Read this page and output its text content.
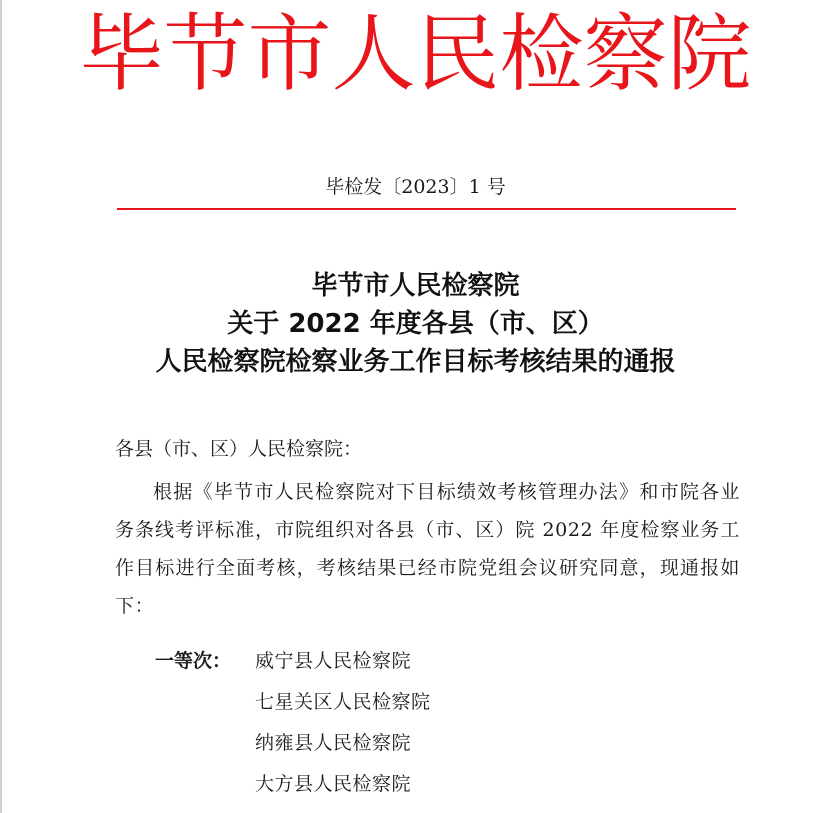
毕节市人民检察院
毕检发〔2023〕1 号
毕节市人民检察院
关于 2022 年度各县（市、区）
人民检察院检察业务工作目标考核结果的通报
各县（市、区）人民检察院：
根据《毕节市人民检察院对下目标绩效考核管理办法》和市院各业务条线考评标准，市院组织对各县（市、区）院 2022 年度检察业务工作目标进行全面考核，考核结果已经市院党组会议研究同意，现通报如下：
一等次：	威宁县人民检察院
七星关区人民检察院
纳雍县人民检察院
大方县人民检察院
